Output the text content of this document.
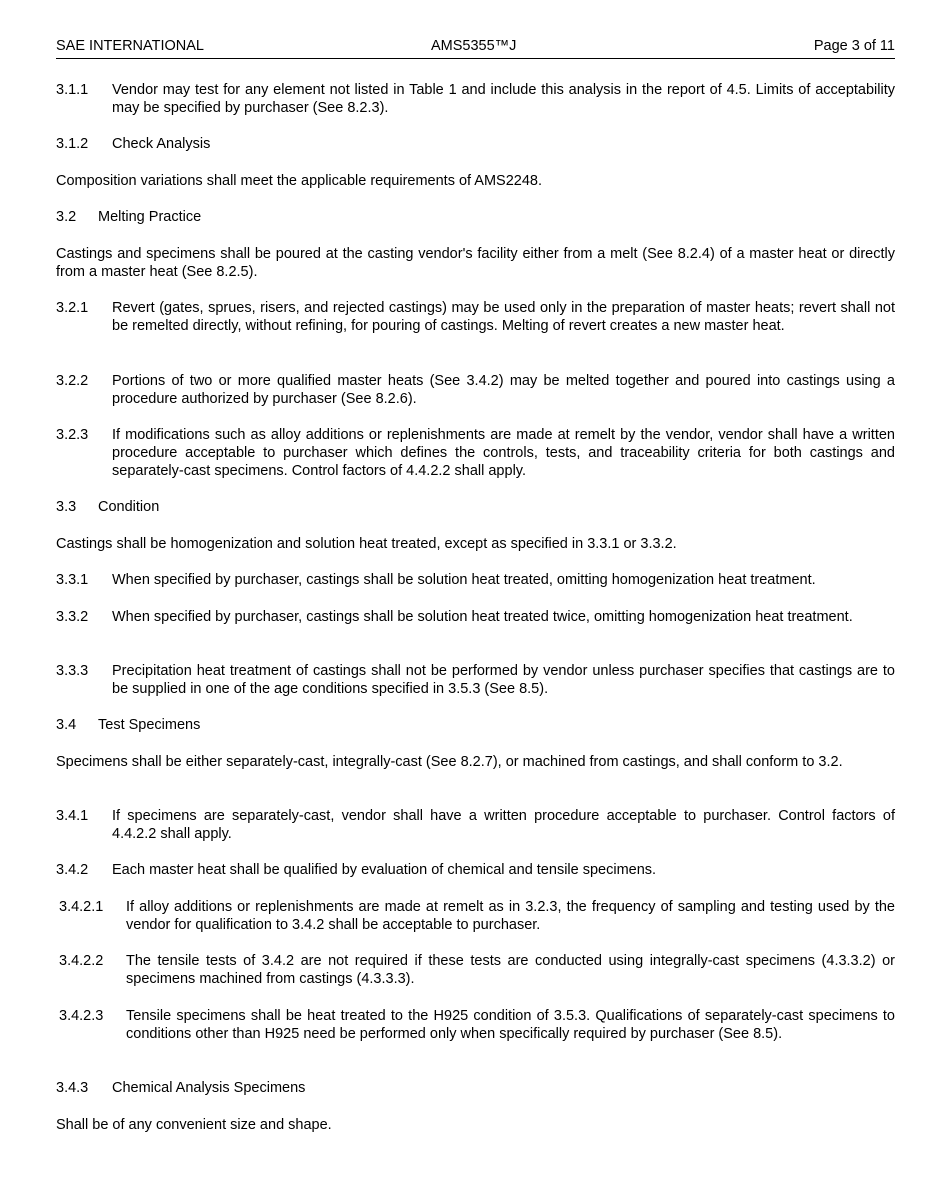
SAE INTERNATIONAL	AMS5355™J	Page 3 of 11
3.1.1 Vendor may test for any element not listed in Table 1 and include this analysis in the report of 4.5. Limits of acceptability may be specified by purchaser (See 8.2.3).
3.1.2 Check Analysis
Composition variations shall meet the applicable requirements of AMS2248.
3.2 Melting Practice
Castings and specimens shall be poured at the casting vendor's facility either from a melt (See 8.2.4) of a master heat or directly from a master heat (See 8.2.5).
3.2.1 Revert (gates, sprues, risers, and rejected castings) may be used only in the preparation of master heats; revert shall not be remelted directly, without refining, for pouring of castings. Melting of revert creates a new master heat.
3.2.2 Portions of two or more qualified master heats (See 3.4.2) may be melted together and poured into castings using a procedure authorized by purchaser (See 8.2.6).
3.2.3 If modifications such as alloy additions or replenishments are made at remelt by the vendor, vendor shall have a written procedure acceptable to purchaser which defines the controls, tests, and traceability criteria for both castings and separately-cast specimens. Control factors of 4.4.2.2 shall apply.
3.3 Condition
Castings shall be homogenization and solution heat treated, except as specified in 3.3.1 or 3.3.2.
3.3.1 When specified by purchaser, castings shall be solution heat treated, omitting homogenization heat treatment.
3.3.2 When specified by purchaser, castings shall be solution heat treated twice, omitting homogenization heat treatment.
3.3.3 Precipitation heat treatment of castings shall not be performed by vendor unless purchaser specifies that castings are to be supplied in one of the age conditions specified in 3.5.3 (See 8.5).
3.4 Test Specimens
Specimens shall be either separately-cast, integrally-cast (See 8.2.7), or machined from castings, and shall conform to 3.2.
3.4.1 If specimens are separately-cast, vendor shall have a written procedure acceptable to purchaser. Control factors of 4.4.2.2 shall apply.
3.4.2 Each master heat shall be qualified by evaluation of chemical and tensile specimens.
3.4.2.1 If alloy additions or replenishments are made at remelt as in 3.2.3, the frequency of sampling and testing used by the vendor for qualification to 3.4.2 shall be acceptable to purchaser.
3.4.2.2 The tensile tests of 3.4.2 are not required if these tests are conducted using integrally-cast specimens (4.3.3.2) or specimens machined from castings (4.3.3.3).
3.4.2.3 Tensile specimens shall be heat treated to the H925 condition of 3.5.3. Qualifications of separately-cast specimens to conditions other than H925 need be performed only when specifically required by purchaser (See 8.5).
3.4.3 Chemical Analysis Specimens
Shall be of any convenient size and shape.
